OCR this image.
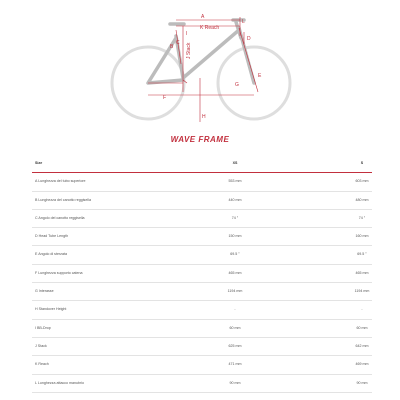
A
K Reach
L
B
C
D
I
J Stack
E
F
G
H
WAVE FRAME
Size	XS	S
A Lunghezza del tubo superiore	553 mm	603 mm
B Lunghezza del canotto reggisella	440 mm	480 mm
C Angolo del canotto reggisella	74 °	74 °
D Head Tube Length	150 mm	160 mm
E Angolo di sterzata	69.5 °	69.5 °
F Lunghezza supporto catena	465 mm	465 mm
G Interasse	1194 mm	1194 mm
H Standover Height	-	-
I BB-Drop	60 mm	60 mm
J Stack	625 mm	642 mm
K Reach	471 mm	469 mm
L Lunghezza attacco manubrio	90 mm	90 mm
